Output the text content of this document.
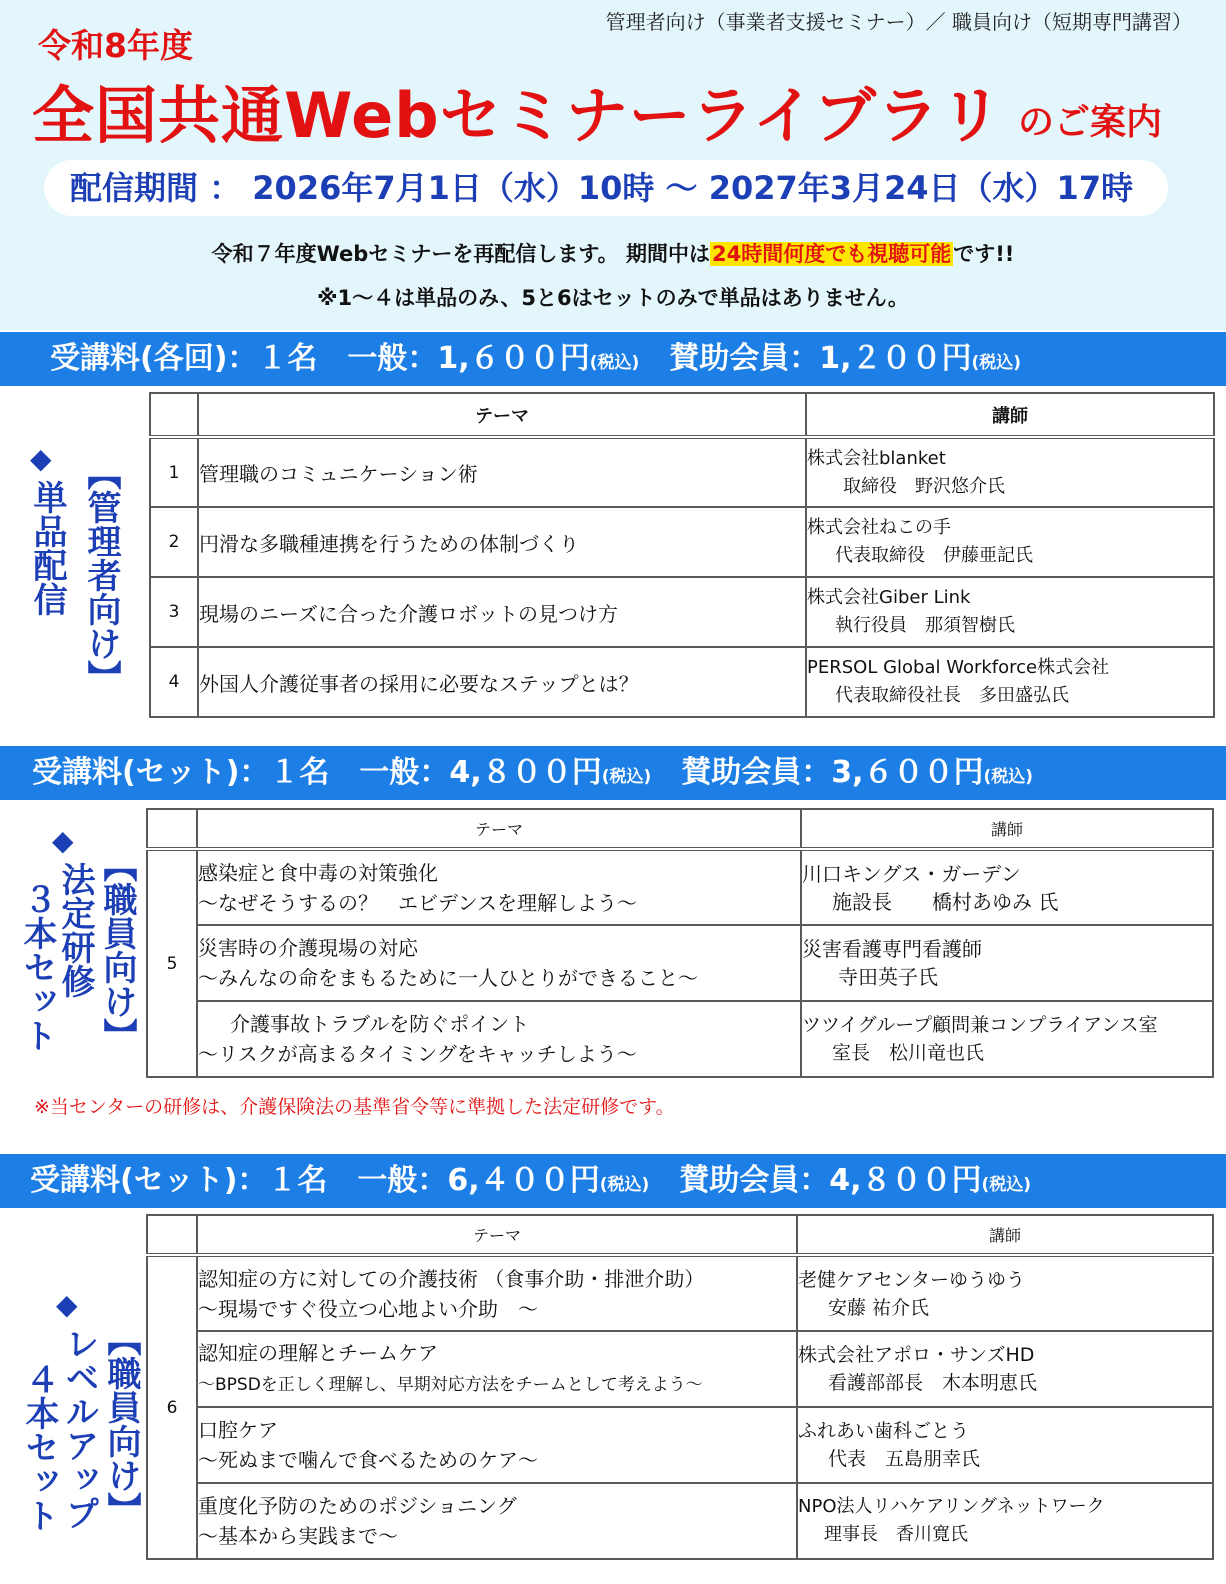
管理者向け（事業者支援セミナー）／ 職員向け（短期専門講習）
令和8年度
全国共通Webセミナーライブラリ のご案内
配信期間 ： 2026年7月1日（水）10時 ～ 2027年3月24日（水）17時
令和７年度Webセミナーを再配信します。 期間中は24時間何度でも視聴可能です!!
※1～４は単品のみ、5と6はセットのみで単品はありません。
受講料(各回)：１名　一般：1,６００円(税込)　賛助会員：1,２００円(税込)
◆
単品配信 【管理者向け】
	テーマ	講師
1	管理職のコミュニケーション術	株式会社blanket
取締役　野沢悠介氏

2	円滑な多職種連携を行うための体制づくり	株式会社ねこの手
代表取締役　伊藤亜記氏

3	現場のニーズに合った介護ロボットの見つけ方	株式会社Giber Link
執行役員　那須智樹氏

4	外国人介護従事者の採用に必要なステップとは？	PERSOL Global Workforce株式会社
代表取締役社長　多田盛弘氏
受講料(セット)：１名　一般：4,８００円(税込)　賛助会員：3,６００円(税込)
◆
法定研修
３本セット 【職員向け】
	テーマ	講師
5	感染症と食中毒の対策強化
～なぜそうするの？　エビデンスを理解しよう～	川口キングス・ガーデン
施設長　　橋村あゆみ 氏

	災害時の介護現場の対応
～みんなの命をまもるために一人ひとりができること～	災害看護専門看護師
寺田英子氏

	介護事故トラブルを防ぐポイント
～リスクが高まるタイミングをキャッチしよう～	ツツイグループ顧問兼コンプライアンス室
室長　松川竜也氏
※当センターの研修は、介護保険法の基準省令等に準拠した法定研修です。
受講料(セット)：１名　一般：6,４００円(税込)　賛助会員：4,８００円(税込)
◆
レベルアップ
４本セット 【職員向け】
	テーマ	講師
6	認知症の方に対しての介護技術 （食事介助・排泄介助）
～現場ですぐ役立つ心地よい介助　～	老健ケアセンターゆうゆう
安藤 祐介氏

	認知症の理解とチームケア
～BPSDを正しく理解し、早期対応方法をチームとして考えよう～	株式会社アポロ・サンズHD
看護部部長　木本明恵氏

	口腔ケア
～死ぬまで噛んで食べるためのケア～	ふれあい歯科ごとう
代表　五島朋幸氏

	重度化予防のためのポジショニング
～基本から実践まで～	NPO法人リハケアリングネットワーク
理事長　香川寛氏
